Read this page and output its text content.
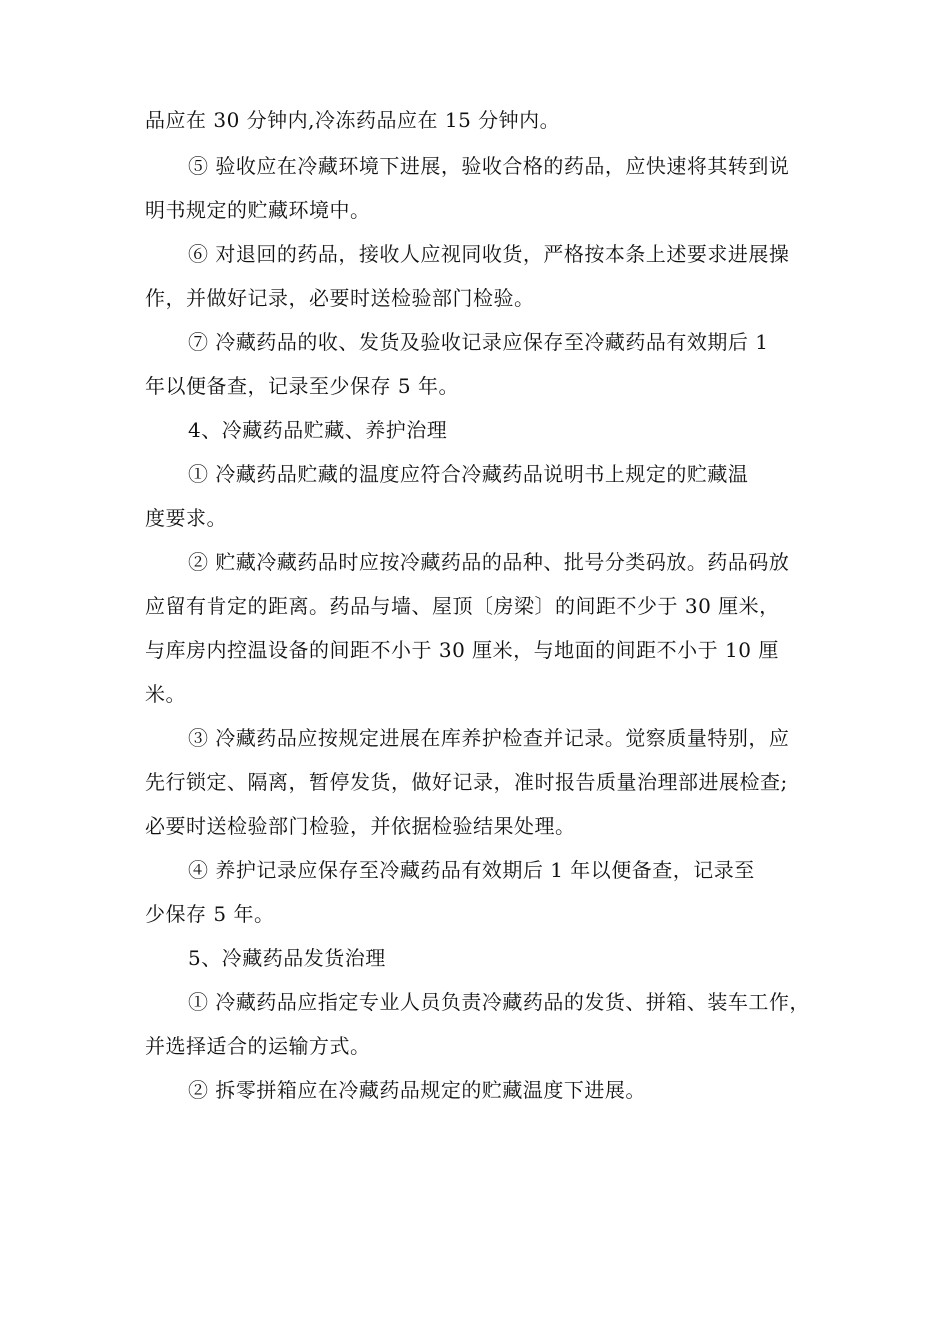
品应在 30 分钟内,冷冻药品应在 15 分钟内。
⑤ 验收应在冷藏环境下进展，验收合格的药品，应快速将其转到说
明书规定的贮藏环境中。
⑥ 对退回的药品，接收人应视同收货，严格按本条上述要求进展操
作，并做好记录，必要时送检验部门检验。
⑦ 冷藏药品的收、发货及验收记录应保存至冷藏药品有效期后 1
年以便备查，记录至少保存 5 年。
4、冷藏药品贮藏、养护治理
① 冷藏药品贮藏的温度应符合冷藏药品说明书上规定的贮藏温
度要求。
② 贮藏冷藏药品时应按冷藏药品的品种、批号分类码放。药品码放
应留有肯定的距离。药品与墙、屋顶〔房梁〕的间距不少于 30 厘米，
与库房内控温设备的间距不小于 30 厘米，与地面的间距不小于 10 厘
米。
③ 冷藏药品应按规定进展在库养护检查并记录。觉察质量特别，应
先行锁定、隔离，暂停发货，做好记录，准时报告质量治理部进展检查;
必要时送检验部门检验，并依据检验结果处理。
④ 养护记录应保存至冷藏药品有效期后 1 年以便备查，记录至
少保存 5 年。
5、冷藏药品发货治理
① 冷藏药品应指定专业人员负责冷藏药品的发货、拼箱、装车工作，
并选择适合的运输方式。
② 拆零拼箱应在冷藏药品规定的贮藏温度下进展。
